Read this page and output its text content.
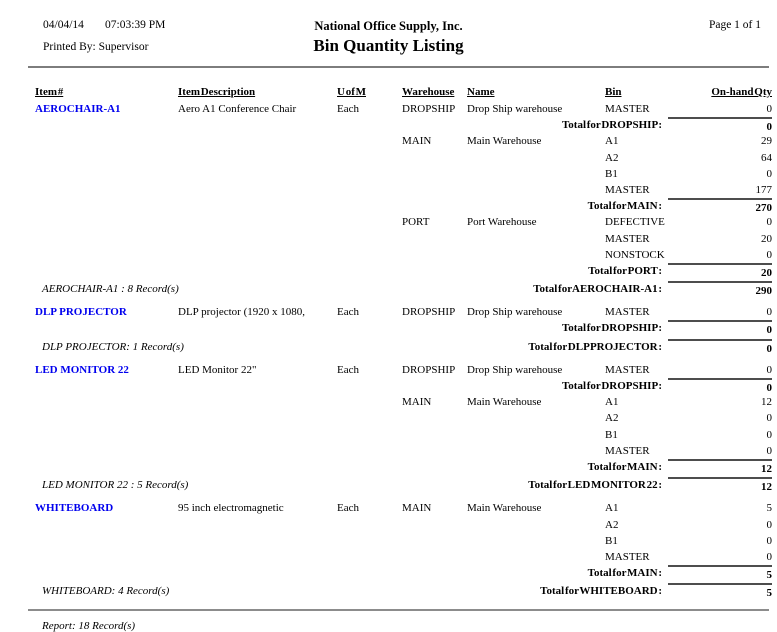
04/04/14 07:03:39 PM	Page 1 of 1
National Office Supply, Inc.
Printed By: Supervisor	Bin Quantity Listing
Item #	Item Description	U of M	Warehouse	Name	Bin	On-hand Qty
AEROCHAIR-A1	Aero A1 Conference Chair	Each	DROPSHIP	Drop Ship warehouse	MASTER	0
Total for DROPSHIP :	0
MAIN	Main Warehouse	A1	29
A2	64
B1	0
MASTER	177
Total for MAIN :	270
PORT	Port Warehouse	DEFECTIVE	0
MASTER	20
NONSTOCK	0
Total for PORT :	20
AEROCHAIR-A1 : 8 Record(s)	Total for AEROCHAIR-A1 :	290
DLP PROJECTOR	DLP projector (1920 x 1080,	Each	DROPSHIP	Drop Ship warehouse	MASTER	0
Total for DROPSHIP :	0
DLP PROJECTOR: 1 Record(s)	Total for DLP PROJECTOR :	0
LED MONITOR 22	LED Monitor 22"	Each	DROPSHIP	Drop Ship warehouse	MASTER	0
Total for DROPSHIP :	0
MAIN	Main Warehouse	A1	12
A2	0
B1	0
MASTER	0
Total for MAIN :	12
LED MONITOR 22 : 5 Record(s)	Total for LED MONITOR 22 :	12
WHITEBOARD	95 inch electromagnetic	Each	MAIN	Main Warehouse	A1	5
A2	0
B1	0
MASTER	0
Total for MAIN :	5
WHITEBOARD: 4 Record(s)	Total for WHITEBOARD :	5
Report: 18 Record(s)
